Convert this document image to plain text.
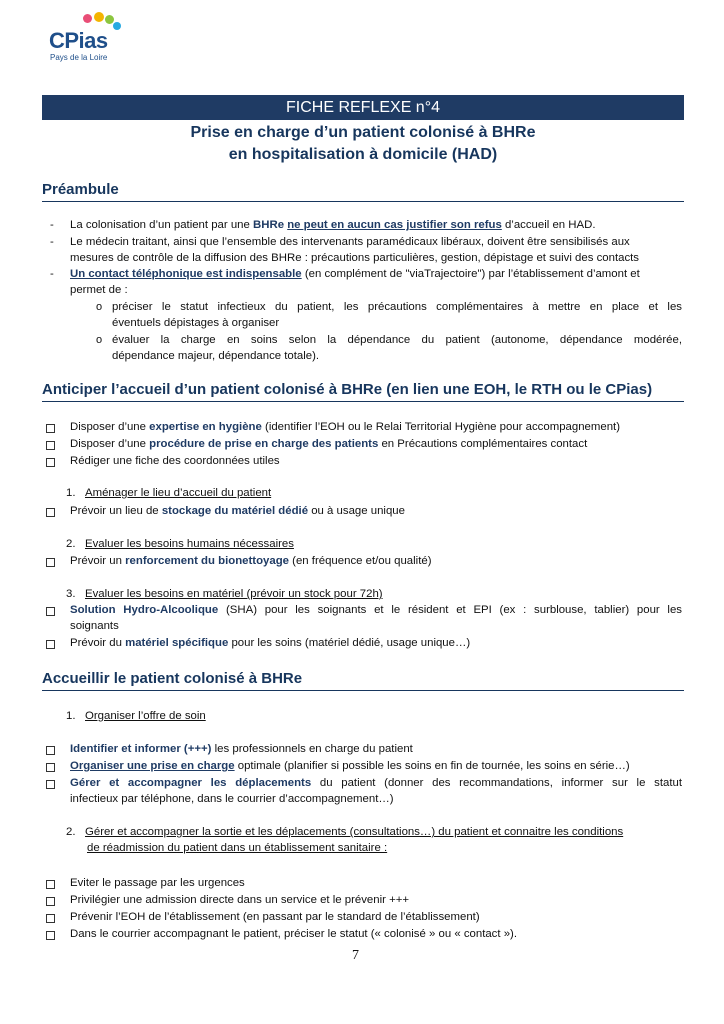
CPias
Pays de la Loire
FICHE REFLEXE n°4
Prise en charge d’un patient colonisé à BHRe
en hospitalisation à domicile (HAD)
Préambule
- La colonisation d’un patient par une BHRe ne peut en aucun cas justifier son refus d’accueil en HAD.
- Le médecin traitant, ainsi que l’ensemble des intervenants paramédicaux libéraux, doivent être sensibilisés aux
mesures de contrôle de la diffusion des BHRe : précautions particulières, gestion, dépistage et suivi des contacts
- Un contact téléphonique est indispensable (en complément de "viaTrajectoire") par l’établissement d’amont et
permet de :
o préciser le statut infectieux du patient, les précautions complémentaires à mettre en place et les
éventuels dépistages à organiser
o évaluer la charge en soins selon la dépendance du patient (autonome, dépendance modérée,
dépendance majeur, dépendance totale).
Anticiper l’accueil d’un patient colonisé à BHRe (en lien une EOH, le RTH ou le CPias)
Disposer d’une expertise en hygiène (identifier l’EOH ou le Relai Territorial Hygiène pour accompagnement)
Disposer d’une procédure de prise en charge des patients en Précautions complémentaires contact
Rédiger une fiche des coordonnées utiles
1. Aménager le lieu d’accueil du patient
Prévoir un lieu de stockage du matériel dédié ou à usage unique
2. Evaluer les besoins humains nécessaires
Prévoir un renforcement du bionettoyage (en fréquence et/ou qualité)
3. Evaluer les besoins en matériel (prévoir un stock pour 72h)
Solution Hydro-Alcoolique (SHA) pour les soignants et le résident et EPI (ex : surblouse, tablier) pour les
soignants
Prévoir du matériel spécifique pour les soins (matériel dédié, usage unique…)
Accueillir le patient colonisé à BHRe
1. Organiser l’offre de soin
Identifier et informer (+++) les professionnels en charge du patient
Organiser une prise en charge optimale (planifier si possible les soins en fin de tournée, les soins en série…)
Gérer et accompagner les déplacements du patient (donner des recommandations, informer sur le statut
infectieux par téléphone, dans le courrier d’accompagnement…)
2. Gérer et accompagner la sortie et les déplacements (consultations…) du patient et connaitre les conditions
de réadmission du patient dans un établissement sanitaire :
Eviter le passage par les urgences
Privilégier une admission directe dans un service et le prévenir +++
Prévenir l’EOH de l’établissement (en passant par le standard de l’établissement)
Dans le courrier accompagnant le patient, préciser le statut (« colonisé » ou « contact »).
7
